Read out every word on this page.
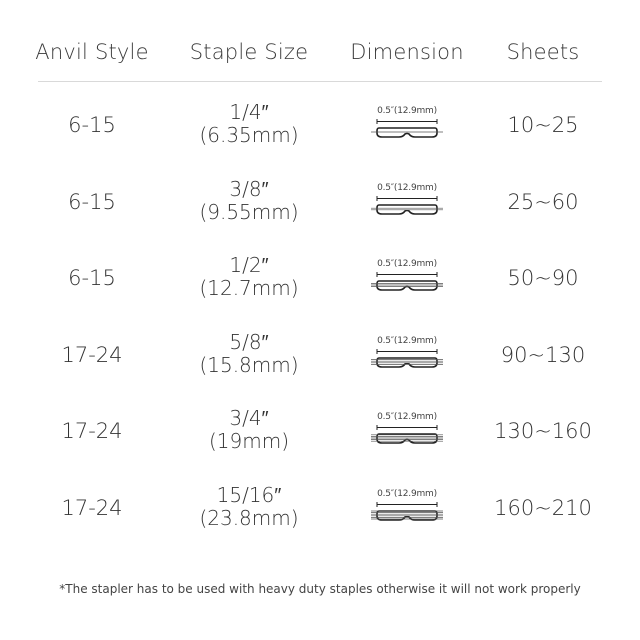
Anvil Style Staple Size Dimension Sheets
6-15
1/4″
(6.35mm)
0.5″(12.9mm)
10~25
6-15
3/8″
(9.55mm)
0.5″(12.9mm)
25~60
6-15
1/2″
(12.7mm)
0.5″(12.9mm)
50~90
17-24
5/8″
(15.8mm)
0.5″(12.9mm)
90~130
17-24
3/4″
(19mm)
0.5″(12.9mm)
130~160
17-24
15/16″
(23.8mm)
0.5″(12.9mm)
160~210
*The stapler has to be used with heavy duty staples otherwise it will not work properly
